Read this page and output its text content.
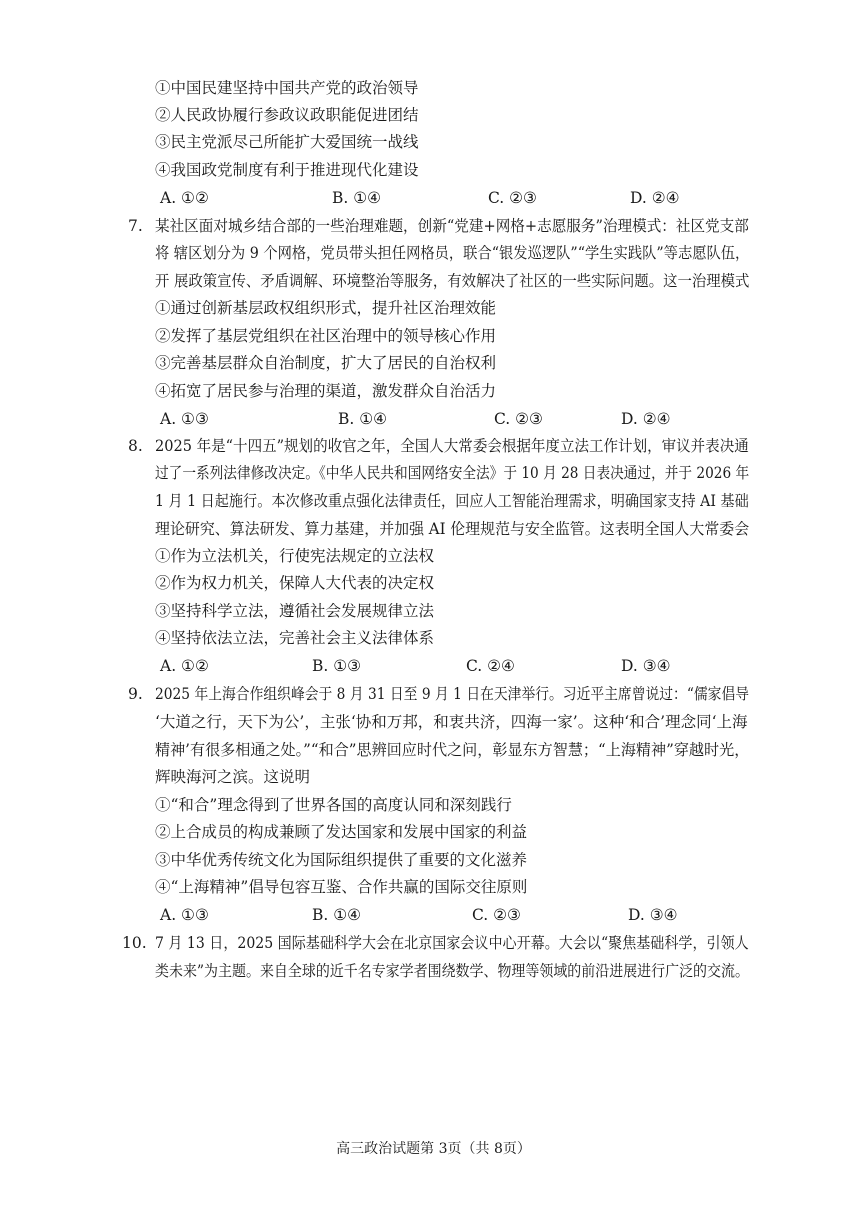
①中国民建坚持中国共产党的政治领导
②人民政协履行参政议政职能促进团结
③民主党派尽己所能扩大爱国统一战线
④我国政党制度有利于推进现代化建设
A. ①②	B. ①④	C. ②③	D. ②④
7. 某社区面对城乡结合部的一些治理难题，创新“党建+网格+志愿服务”治理模式：社区党支部
将 辖区划分为 9 个网格，党员带头担任网格员，联合“银发巡逻队”“学生实践队”等志愿队伍，
开 展政策宣传、矛盾调解、环境整治等服务，有效解决了社区的一些实际问题。这一治理模式
①通过创新基层政权组织形式，提升社区治理效能
②发挥了基层党组织在社区治理中的领导核心作用
③完善基层群众自治制度，扩大了居民的自治权利
④拓宽了居民参与治理的渠道，激发群众自治活力
A. ①③	B. ①④	C. ②③	D. ②④
8. 2025 年是“十四五”规划的收官之年，全国人大常委会根据年度立法工作计划，审议并表决通
过了一系列法律修改决定。《中华人民共和国网络安全法》于 10 月 28 日表决通过，并于 2026 年
1 月 1 日起施行。本次修改重点强化法律责任，回应人工智能治理需求，明确国家支持 AI 基础
理论研究、算法研发、算力基建，并加强 AI 伦理规范与安全监管。这表明全国人大常委会
①作为立法机关，行使宪法规定的立法权
②作为权力机关，保障人大代表的决定权
③坚持科学立法，遵循社会发展规律立法
④坚持依法立法，完善社会主义法律体系
A. ①②	B. ①③	C. ②④	D. ③④
9. 2025 年上海合作组织峰会于 8 月 31 日至 9 月 1 日在天津举行。习近平主席曾说过：“儒家倡导
‘大道之行，天下为公’，主张‘协和万邦，和衷共济，四海一家’。这种‘和合’理念同‘上海
精神’有很多相通之处。”“和合”思辨回应时代之问，彰显东方智慧；“上海精神”穿越时光，
辉映海河之滨。这说明
①“和合”理念得到了世界各国的高度认同和深刻践行
②上合成员的构成兼顾了发达国家和发展中国家的利益
③中华优秀传统文化为国际组织提供了重要的文化滋养
④“上海精神”倡导包容互鉴、合作共赢的国际交往原则
A. ①③	B. ①④	C. ②③	D. ③④
10. 7 月 13 日，2025 国际基础科学大会在北京国家会议中心开幕。大会以“聚焦基础科学，引领人
类未来”为主题。来自全球的近千名专家学者围绕数学、物理等领域的前沿进展进行广泛的交流。
高三政治试题第 3页（共 8页）
